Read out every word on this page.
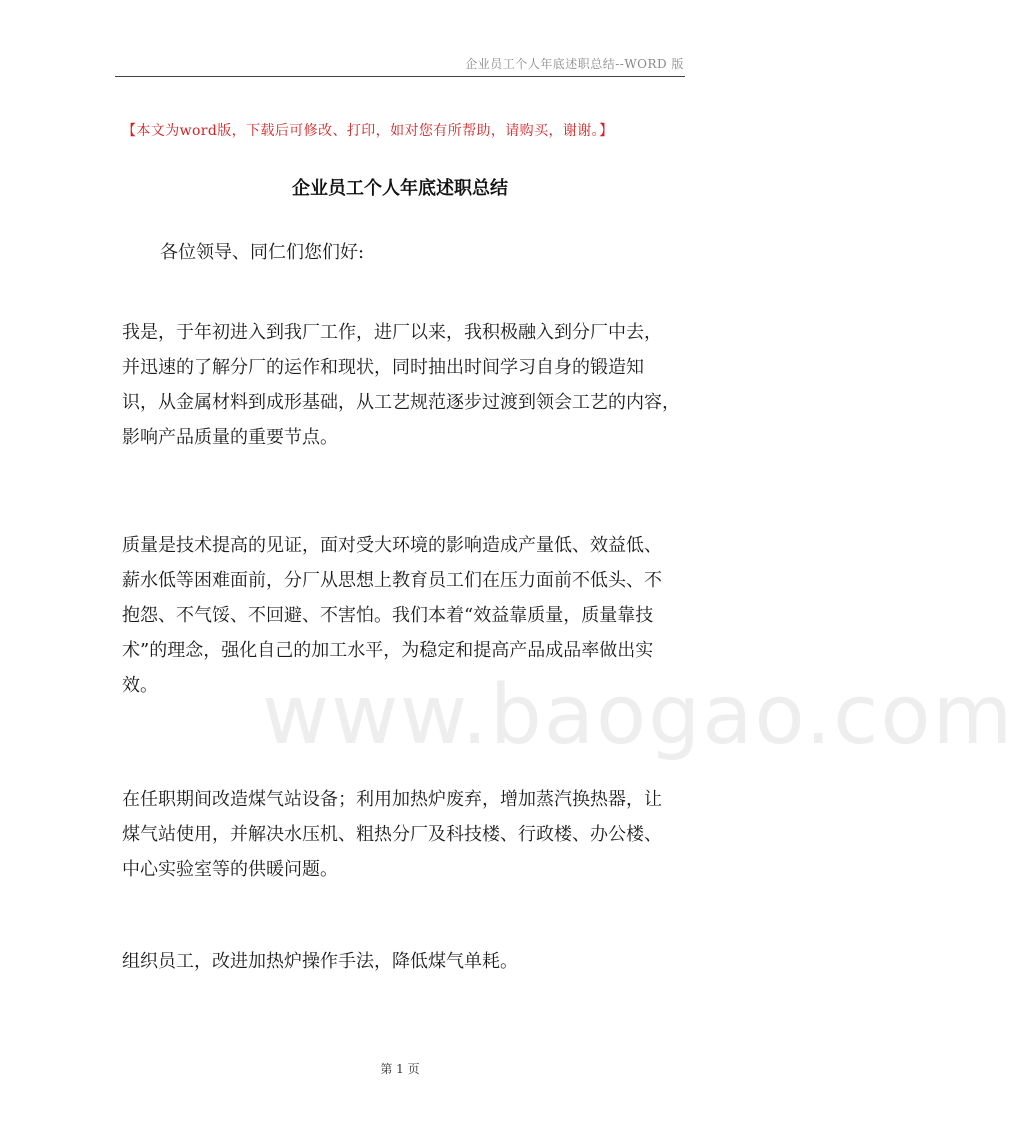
企业员工个人年底述职总结--WORD 版
【本文为word版，下载后可修改、打印，如对您有所帮助，请购买，谢谢。】
企业员工个人年底述职总结
各位领导、同仁们您们好:

我是，于年初进入到我厂工作，进厂以来，我积极融入到分厂中去，
并迅速的了解分厂的运作和现状，同时抽出时间学习自身的锻造知
识，从金属材料到成形基础，从工艺规范逐步过渡到领会工艺的内容，
影响产品质量的重要节点。

质量是技术提高的见证，面对受大环境的影响造成产量低、效益低、
薪水低等困难面前，分厂从思想上教育员工们在压力面前不低头、不
抱怨、不气馁、不回避、不害怕。我们本着“效益靠质量，质量靠技
术”的理念，强化自己的加工水平，为稳定和提高产品成品率做出实
效。

在任职期间改造煤气站设备；利用加热炉废弃，增加蒸汽换热器，让
煤气站使用，并解决水压机、粗热分厂及科技楼、行政楼、办公楼、
中心实验室等的供暖问题。

组织员工，改进加热炉操作手法，降低煤气单耗。

www.baogao.com
第 1 页
